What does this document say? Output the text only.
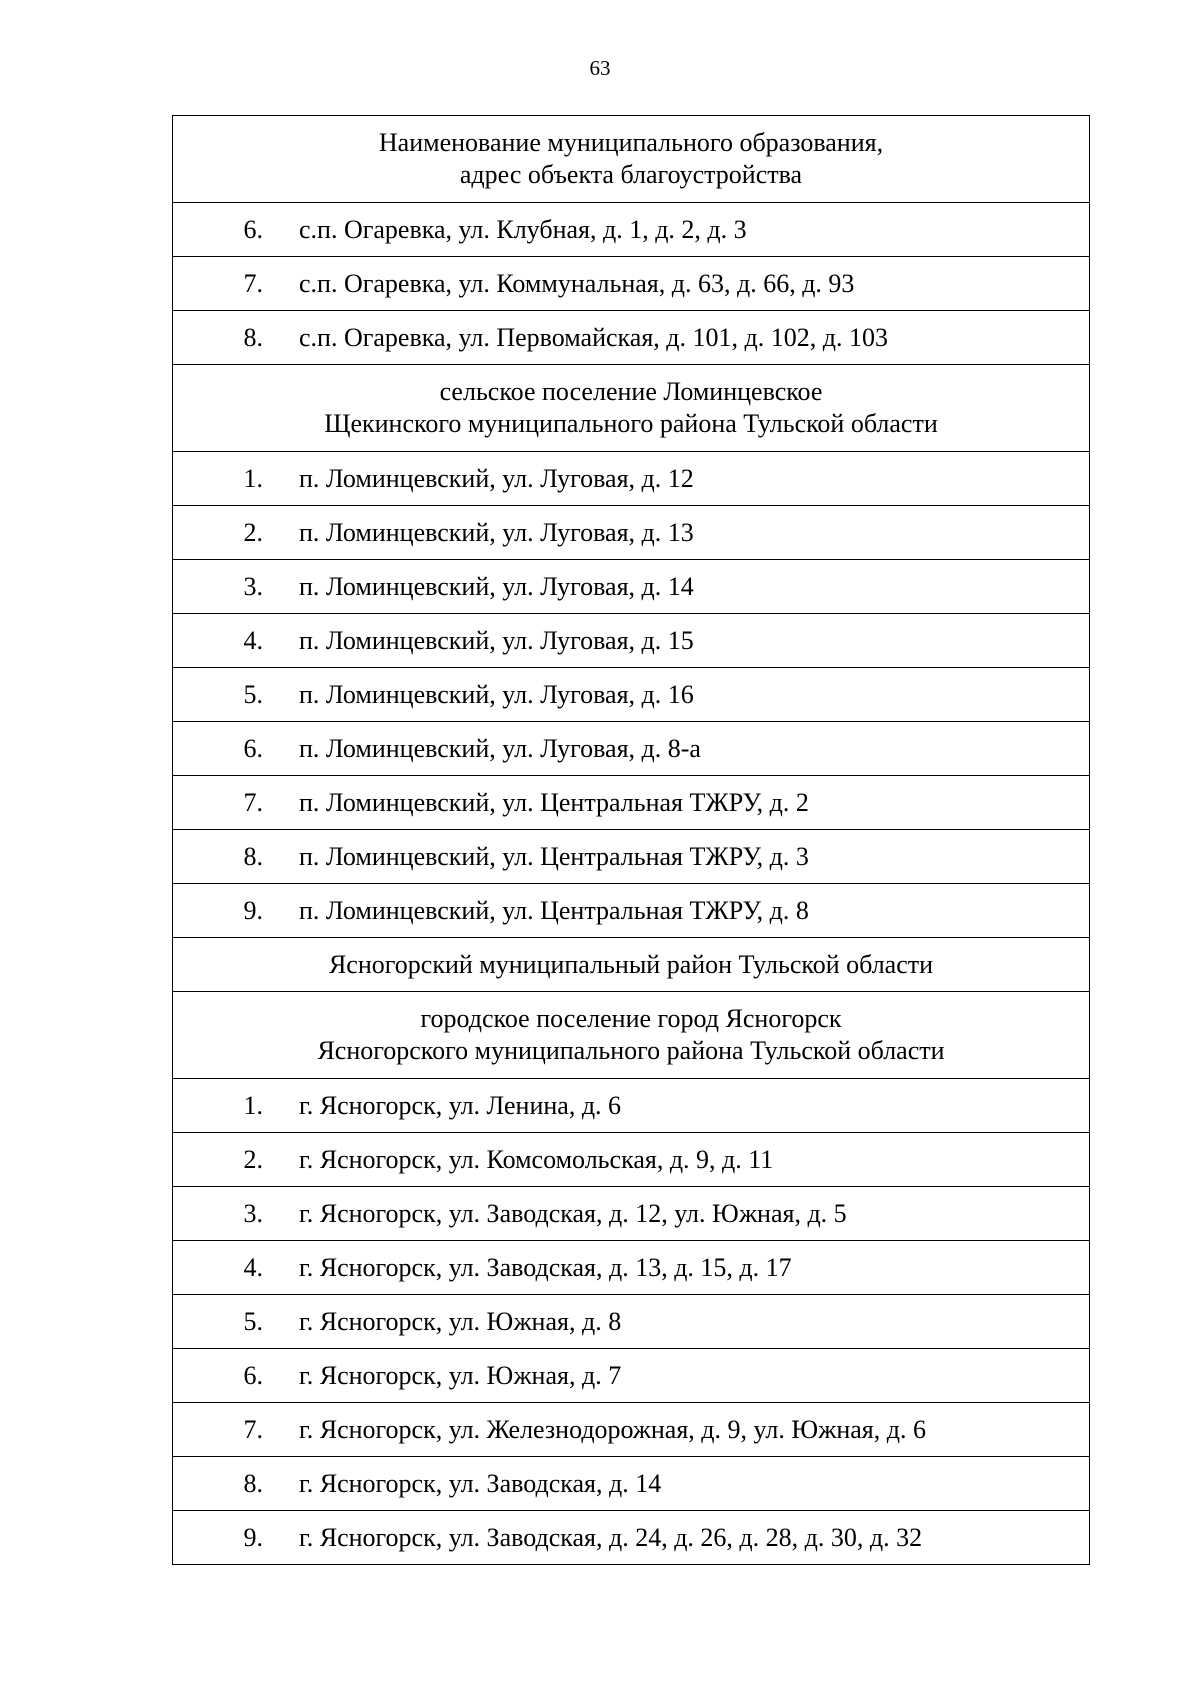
63
Наименование муниципального образования,
адрес объекта благоустройства

6. с.п. Огаревка, ул. Клубная, д. 1, д. 2, д. 3
7. с.п. Огаревка, ул. Коммунальная, д. 63, д. 66, д. 93
8. с.п. Огаревка, ул. Первомайская, д. 101, д. 102, д. 103

сельское поселение Ломинцевское
Щекинского муниципального района Тульской области

1. п. Ломинцевский, ул. Луговая, д. 12
2. п. Ломинцевский, ул. Луговая, д. 13
3. п. Ломинцевский, ул. Луговая, д. 14
4. п. Ломинцевский, ул. Луговая, д. 15
5. п. Ломинцевский, ул. Луговая, д. 16
6. п. Ломинцевский, ул. Луговая, д. 8-а
7. п. Ломинцевский, ул. Центральная ТЖРУ, д. 2
8. п. Ломинцевский, ул. Центральная ТЖРУ, д. 3
9. п. Ломинцевский, ул. Центральная ТЖРУ, д. 8
Ясногорский муниципальный район Тульской области

городское поселение город Ясногорск
Ясногорского муниципального района Тульской области

1. г. Ясногорск, ул. Ленина, д. 6
2. г. Ясногорск, ул. Комсомольская, д. 9, д. 11
3. г. Ясногорск, ул. Заводская, д. 12, ул. Южная, д. 5
4. г. Ясногорск, ул. Заводская, д. 13, д. 15, д. 17
5. г. Ясногорск, ул. Южная, д. 8
6. г. Ясногорск, ул. Южная, д. 7
7. г. Ясногорск, ул. Железнодорожная, д. 9, ул. Южная, д. 6
8. г. Ясногорск, ул. Заводская, д. 14
9. г. Ясногорск, ул. Заводская, д. 24, д. 26, д. 28, д. 30, д. 32
